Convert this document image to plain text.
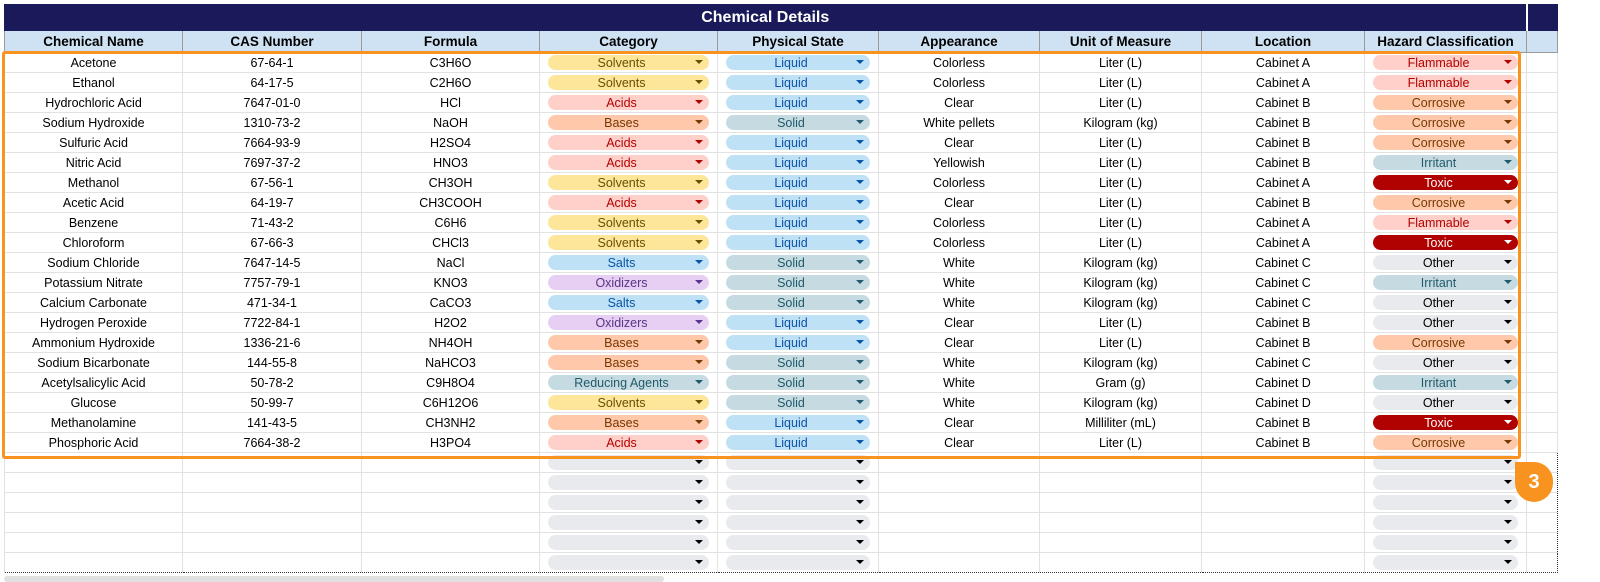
Chemical Details									
Chemical Name	CAS Number	Formula	Category	Physical State	Appearance	Unit of Measure	Location	Hazard Classification	
Acetone	67-64-1	C3H6O	Solvents	Liquid	Colorless	Liter (L)	Cabinet A	Flammable	

Ethanol	64-17-5	C2H6O	Solvents	Liquid	Colorless	Liter (L)	Cabinet A	Flammable	

Hydrochloric Acid	7647-01-0	HCl	Acids	Liquid	Clear	Liter (L)	Cabinet B	Corrosive	

Sodium Hydroxide	1310-73-2	NaOH	Bases	Solid	White pellets	Kilogram (kg)	Cabinet B	Corrosive	

Sulfuric Acid	7664-93-9	H2SO4	Acids	Liquid	Clear	Liter (L)	Cabinet B	Corrosive	

Nitric Acid	7697-37-2	HNO3	Acids	Liquid	Yellowish	Liter (L)	Cabinet B	Irritant	

Methanol	67-56-1	CH3OH	Solvents	Liquid	Colorless	Liter (L)	Cabinet A	Toxic	

Acetic Acid	64-19-7	CH3COOH	Acids	Liquid	Clear	Liter (L)	Cabinet B	Corrosive	

Benzene	71-43-2	C6H6	Solvents	Liquid	Colorless	Liter (L)	Cabinet A	Flammable	

Chloroform	67-66-3	CHCl3	Solvents	Liquid	Colorless	Liter (L)	Cabinet A	Toxic	

Sodium Chloride	7647-14-5	NaCl	Salts	Solid	White	Kilogram (kg)	Cabinet C	Other	

Potassium Nitrate	7757-79-1	KNO3	Oxidizers	Solid	White	Kilogram (kg)	Cabinet C	Irritant	

Calcium Carbonate	471-34-1	CaCO3	Salts	Solid	White	Kilogram (kg)	Cabinet C	Other	

Hydrogen Peroxide	7722-84-1	H2O2	Oxidizers	Liquid	Clear	Liter (L)	Cabinet B	Other	

Ammonium Hydroxide	1336-21-6	NH4OH	Bases	Liquid	Clear	Liter (L)	Cabinet B	Corrosive	

Sodium Bicarbonate	144-55-8	NaHCO3	Bases	Solid	White	Kilogram (kg)	Cabinet C	Other	

Acetylsalicylic Acid	50-78-2	C9H8O4	Reducing Agents	Solid	White	Gram (g)	Cabinet D	Irritant	

Glucose	50-99-7	C6H12O6	Solvents	Solid	White	Kilogram (kg)	Cabinet D	Other	

Methanolamine	141-43-5	CH3NH2	Bases	Liquid	Clear	Milliliter (mL)	Cabinet B	Toxic	

Phosphoric Acid	7664-38-2	H3PO4	Acids	Liquid	Clear	Liter (L)	Cabinet B	Corrosive	

3
